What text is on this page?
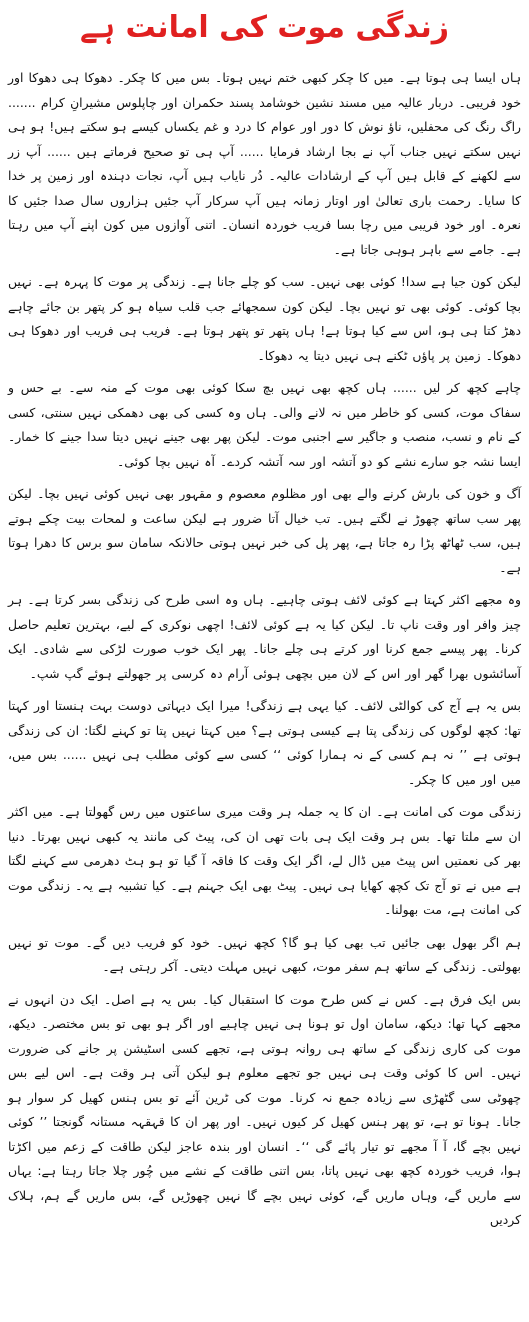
زندگی موت کی امانت ہے

ہاں ایسا ہی ہوتا ہے۔ میں کا چکر کبھی ختم نہیں ہوتا۔ بس میں کا چکر۔ دھوکا ہی دھوکا اور خود فریبی۔ دربار عالیہ میں مسند نشین خوشامد پسند حکمران اور چاپلوس مشیرانِ کرام ....... راگ رنگ کی محفلیں، ناؤ نوش کا دور اور عوام کا درد و غم یکساں کیسے ہو سکتے ہیں! ہو ہی نہیں سکتے نہیں جناب آپ نے بجا ارشاد فرمایا ...... آپ ہی تو صحیح فرماتے ہیں ...... آپ زر سے لکھنے کے قابل ہیں آپ کے ارشادات عالیہ۔ دُر نایاب ہیں آپ، نجات دہندہ اور زمین پر خدا کا سایا۔ رحمت باری تعالیٰ اور اوتار زمانہ ہیں آپ سرکار آپ جئیں ہزاروں سال صدا جئیں کا نعرہ۔ اور خود فریبی میں رچا بسا فریب خوردہ انسان۔ اتنی آوازوں میں کون اپنے آپ میں رہتا ہے۔ جامے سے باہر ہوہی جاتا ہے۔

لیکن کون جیا ہے سدا! کوئی بھی نہیں۔ سب کو چلے جانا ہے۔ زندگی پر موت کا پہرہ ہے۔ نہیں بچا کوئی۔ کوئی بھی تو نہیں بچا۔ لیکن کون سمجھائے جب قلب سیاہ ہو کر پتھر بن جائے چاہے دھڑ کتا ہی ہو، اس سے کیا ہوتا ہے! ہاں پتھر تو پتھر ہوتا ہے۔ فریب ہی فریب اور دھوکا ہی دھوکا۔ زمین پر پاؤں ٹکنے ہی نہیں دیتا یہ دھوکا۔

چاہے کچھ کر لیں ...... ہاں کچھ بھی نہیں بچ سکا کوئی بھی موت کے منہ سے۔ بے حس و سفاک موت، کسی کو خاطر میں نہ لانے والی۔ ہاں وہ کسی کی بھی دھمکی نہیں سنتی، کسی کے نام و نسب، منصب و جاگیر سے اجنبی موت۔ لیکن پھر بھی جینے نہیں دیتا سدا جینے کا خمار۔ ایسا نشہ جو سارے نشے کو دو آتشہ اور سہ آتشہ کردے۔ آہ نہیں بچا کوئی۔

آگ و خون کی بارش کرنے والے بھی اور مظلوم معصوم و مقہور بھی نہیں کوئی نہیں بچا۔ لیکن پھر سب ساتھ چھوڑ نے لگتے ہیں۔ تب خیال آتا ضرور ہے لیکن ساعت و لمحات بیت چکے ہوتے ہیں، سب ٹھاٹھ پڑا رہ جاتا ہے، پھر پل کی خبر نہیں ہوتی حالانکہ سامان سو برس کا دھرا ہوتا ہے۔

وہ مجھے اکثر کہتا ہے کوئی لائف ہوتی چاہیے۔ ہاں وہ اسی طرح کی زندگی بسر کرتا ہے۔ ہر چیز وافر اور وقت ناپ تا۔ لیکن کیا یہ ہے کوئی لائف! اچھی نوکری کے لیے، بہترین تعلیم حاصل کرنا۔ پھر پیسے جمع کرنا اور کرتے ہی چلے جانا۔ پھر ایک خوب صورت لڑکی سے شادی۔ ایک آسائشوں بھرا گھر اور اس کے لان میں بچھی ہوئی آرام دہ کرسی پر جھولتے ہوئے گپ شپ۔

بس یہ ہے آج کی کوالٹی لائف۔ کیا یہی ہے زندگی! میرا ایک دیہاتی دوست بہت ہنستا اور کہتا تھا: کچھ لوگوں کی زندگی پتا ہے کیسی ہوتی ہے؟ میں کہتا نہیں پتا تو کہنے لگتا: ان کی زندگی ہوتی ہے ’’ نہ ہم کسی کے نہ ہمارا کوئی ‘‘ کسی سے کوئی مطلب ہی نہیں ...... بس میں، میں اور میں کا چکر۔

زندگی موت کی امانت ہے۔ ان کا یہ جملہ ہر وقت میری ساعتوں میں رس گھولتا ہے۔ میں اکثر ان سے ملتا تھا۔ بس ہر وقت ایک ہی بات تھی ان کی، پیٹ کی مانند یہ کبھی نہیں بھرتا۔ دنیا بھر کی نعمتیں اس پیٹ میں ڈال لے، اگر ایک وقت کا فاقہ آ گیا تو ہو ہٹ دھرمی سے کہنے لگتا ہے میں نے تو آج تک کچھ کھایا ہی نہیں۔ پیٹ بھی ایک جہنم ہے۔ کیا تشبیہ ہے یہ۔ زندگی موت کی امانت ہے، مت بھولنا۔

ہم اگر بھول بھی جائیں تب بھی کیا ہو گا؟ کچھ نہیں۔ خود کو فریب دیں گے۔ موت تو نہیں بھولتی۔ زندگی کے ساتھ ہم سفر موت، کبھی نہیں مہلت دیتی۔ آکر رہتی ہے۔

بس ایک فرق ہے۔ کس نے کس طرح موت کا استقبال کیا۔ بس یہ ہے اصل۔ ایک دن انہوں نے مجھے کہا تھا: دیکھ، سامان اول تو ہونا ہی نہیں چاہیے اور اگر ہو بھی تو بس مختصر۔ دیکھ، موت کی کاری زندگی کے ساتھ ہی روانہ ہوتی ہے، تجھے کسی اسٹیشن پر جانے کی ضرورت نہیں۔ اس کا کوئی وقت ہی نہیں جو تجھے معلوم ہو لیکن آتی ہر وقت ہے۔ اس لیے بس چھوٹی سی گٹھڑی سے زیادہ جمع نہ کرنا۔ موت کی ٹرین آئے تو بس ہنس کھیل کر سوار ہو جانا۔ ہونا تو ہے، تو پھر ہنس کھیل کر کیوں نہیں۔ اور پھر ان کا قہقہہ مستانہ گونجتا ’’ کوئی نہیں بچے گا، آ آ مجھے تو تیار پائے گی ‘‘۔ انسان اور بندہ عاجز لیکن طاقت کے زعم میں اکڑتا ہوا، فریب خوردہ کچھ بھی نہیں پاتا، بس اتنی طاقت کے نشے میں چُور چلا جاتا رہتا ہے: یہاں سے ماریں گے، وہاں ماریں گے، کوئی نہیں بچے گا نہیں چھوڑیں گے، بس ماریں گے ہم، ہلاک کردیں
